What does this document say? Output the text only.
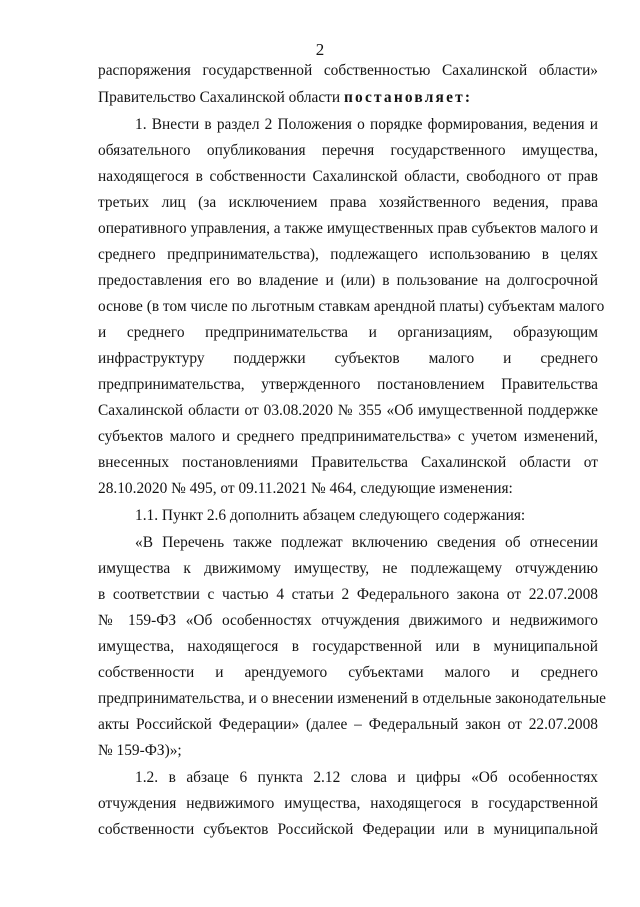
2
распоряжения государственной собственностью Сахалинской области»
Правительство Сахалинской области постановляет:
1. Внести в раздел 2 Положения о порядке формирования, ведения и
обязательного опубликования перечня государственного имущества,
находящегося в собственности Сахалинской области, свободного от прав
третьих лиц (за исключением права хозяйственного ведения, права
оперативного управления, а также имущественных прав субъектов малого и
среднего предпринимательства), подлежащего использованию в целях
предоставления его во владение и (или) в пользование на долгосрочной
основе (в том числе по льготным ставкам арендной платы) субъектам малого
и среднего предпринимательства и организациям, образующим
инфраструктуру поддержки субъектов малого и среднего
предпринимательства, утвержденного постановлением Правительства
Сахалинской области от 03.08.2020 № 355 «Об имущественной поддержке
субъектов малого и среднего предпринимательства» с учетом изменений,
внесенных постановлениями Правительства Сахалинской области от
28.10.2020 № 495, от 09.11.2021 № 464, следующие изменения:
1.1. Пункт 2.6 дополнить абзацем следующего содержания:
«В Перечень также подлежат включению сведения об отнесении
имущества к движимому имуществу, не подлежащему отчуждению
в соответствии с частью 4 статьи 2 Федерального закона от 22.07.2008
№ 159-ФЗ «Об особенностях отчуждения движимого и недвижимого
имущества, находящегося в государственной или в муниципальной
собственности и арендуемого субъектами малого и среднего
предпринимательства, и о внесении изменений в отдельные законодательные
акты Российской Федерации» (далее – Федеральный закон от 22.07.2008
№ 159-ФЗ)»;
1.2. в абзаце 6 пункта 2.12 слова и цифры «Об особенностях
отчуждения недвижимого имущества, находящегося в государственной
собственности субъектов Российской Федерации или в муниципальной
